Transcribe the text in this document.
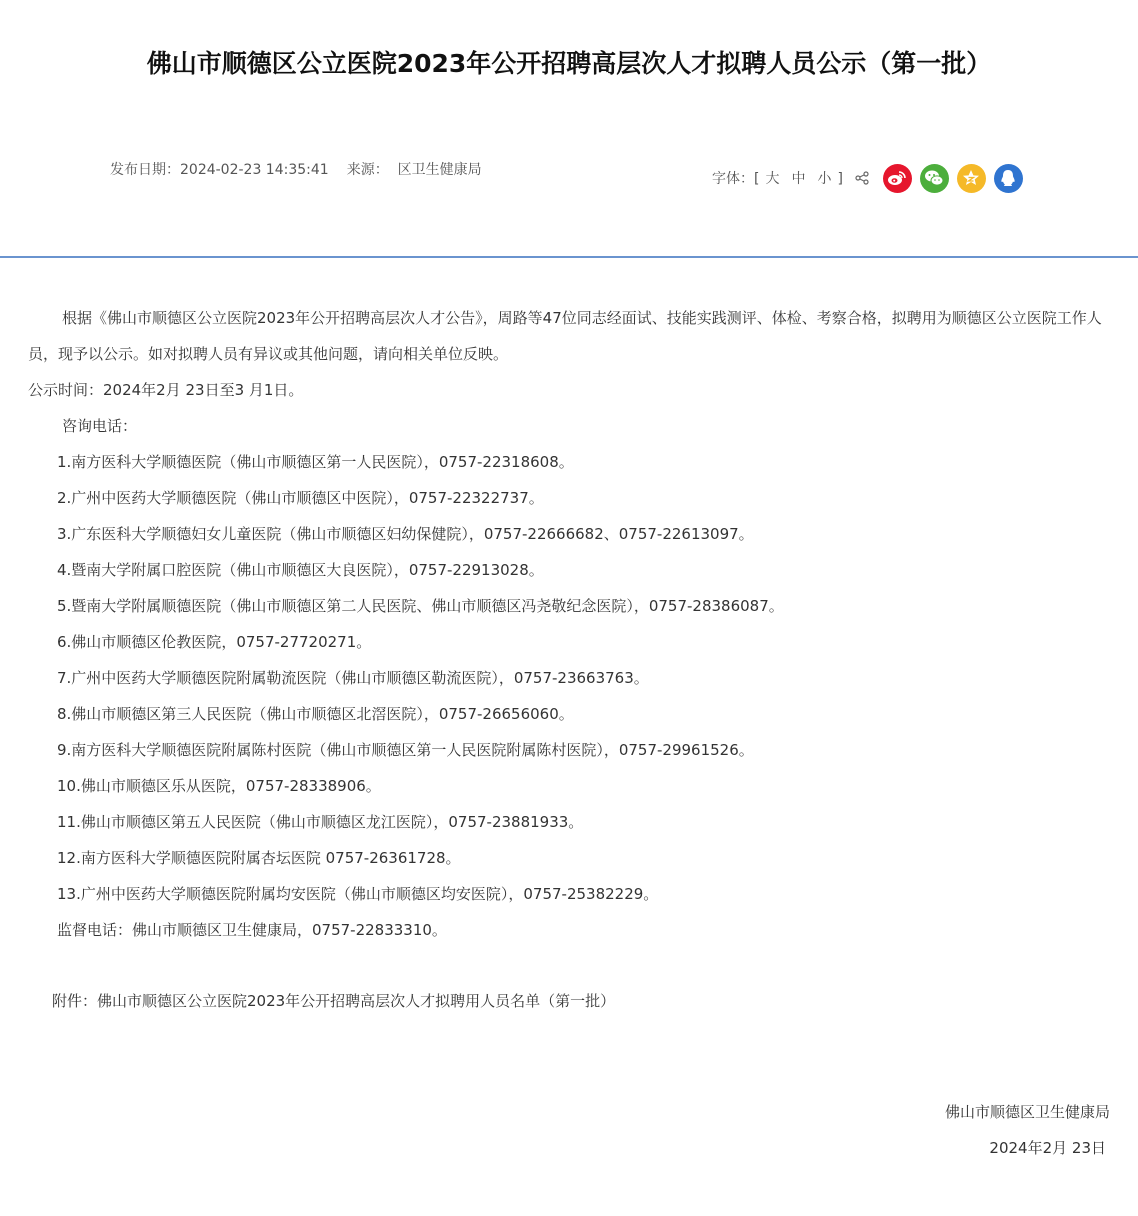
佛山市顺德区公立医院2023年公开招聘高层次人才拟聘人员公示（第一批）
发布日期：2024-02-23 14:35:41 来源： 区卫生健康局
字体：[ 大 中 小 ]

根据《佛山市顺德区公立医院2023年公开招聘高层次人才公告》，周路等47位同志经面试、技能实践测评、体检、考察合格，拟聘用为顺德区公立医院工作人员，现予以公示。如对拟聘人员有异议或其他问题，请向相关单位反映。

公示时间：2024年2月 23日至3 月1日。

咨询电话：

1.南方医科大学顺德医院（佛山市顺德区第一人民医院），0757-22318608。

2.广州中医药大学顺德医院（佛山市顺德区中医院），0757-22322737。

3.广东医科大学顺德妇女儿童医院（佛山市顺德区妇幼保健院），0757-22666682、0757-22613097。

4.暨南大学附属口腔医院（佛山市顺德区大良医院），0757-22913028。

5.暨南大学附属顺德医院（佛山市顺德区第二人民医院、佛山市顺德区冯尧敬纪念医院），0757-28386087。

6.佛山市顺德区伦教医院，0757-27720271。

7.广州中医药大学顺德医院附属勒流医院（佛山市顺德区勒流医院），0757-23663763。

8.佛山市顺德区第三人民医院（佛山市顺德区北滘医院），0757-26656060。

9.南方医科大学顺德医院附属陈村医院（佛山市顺德区第一人民医院附属陈村医院），0757-29961526。

10.佛山市顺德区乐从医院，0757-28338906。

11.佛山市顺德区第五人民医院（佛山市顺德区龙江医院），0757-23881933。

12.南方医科大学顺德医院附属杏坛医院 0757-26361728。

13.广州中医药大学顺德医院附属均安医院（佛山市顺德区均安医院），0757-25382229。

监督电话：佛山市顺德区卫生健康局，0757-22833310。

附件：佛山市顺德区公立医院2023年公开招聘高层次人才拟聘用人员名单（第一批）
佛山市顺德区卫生健康局
2024年2月 23日
